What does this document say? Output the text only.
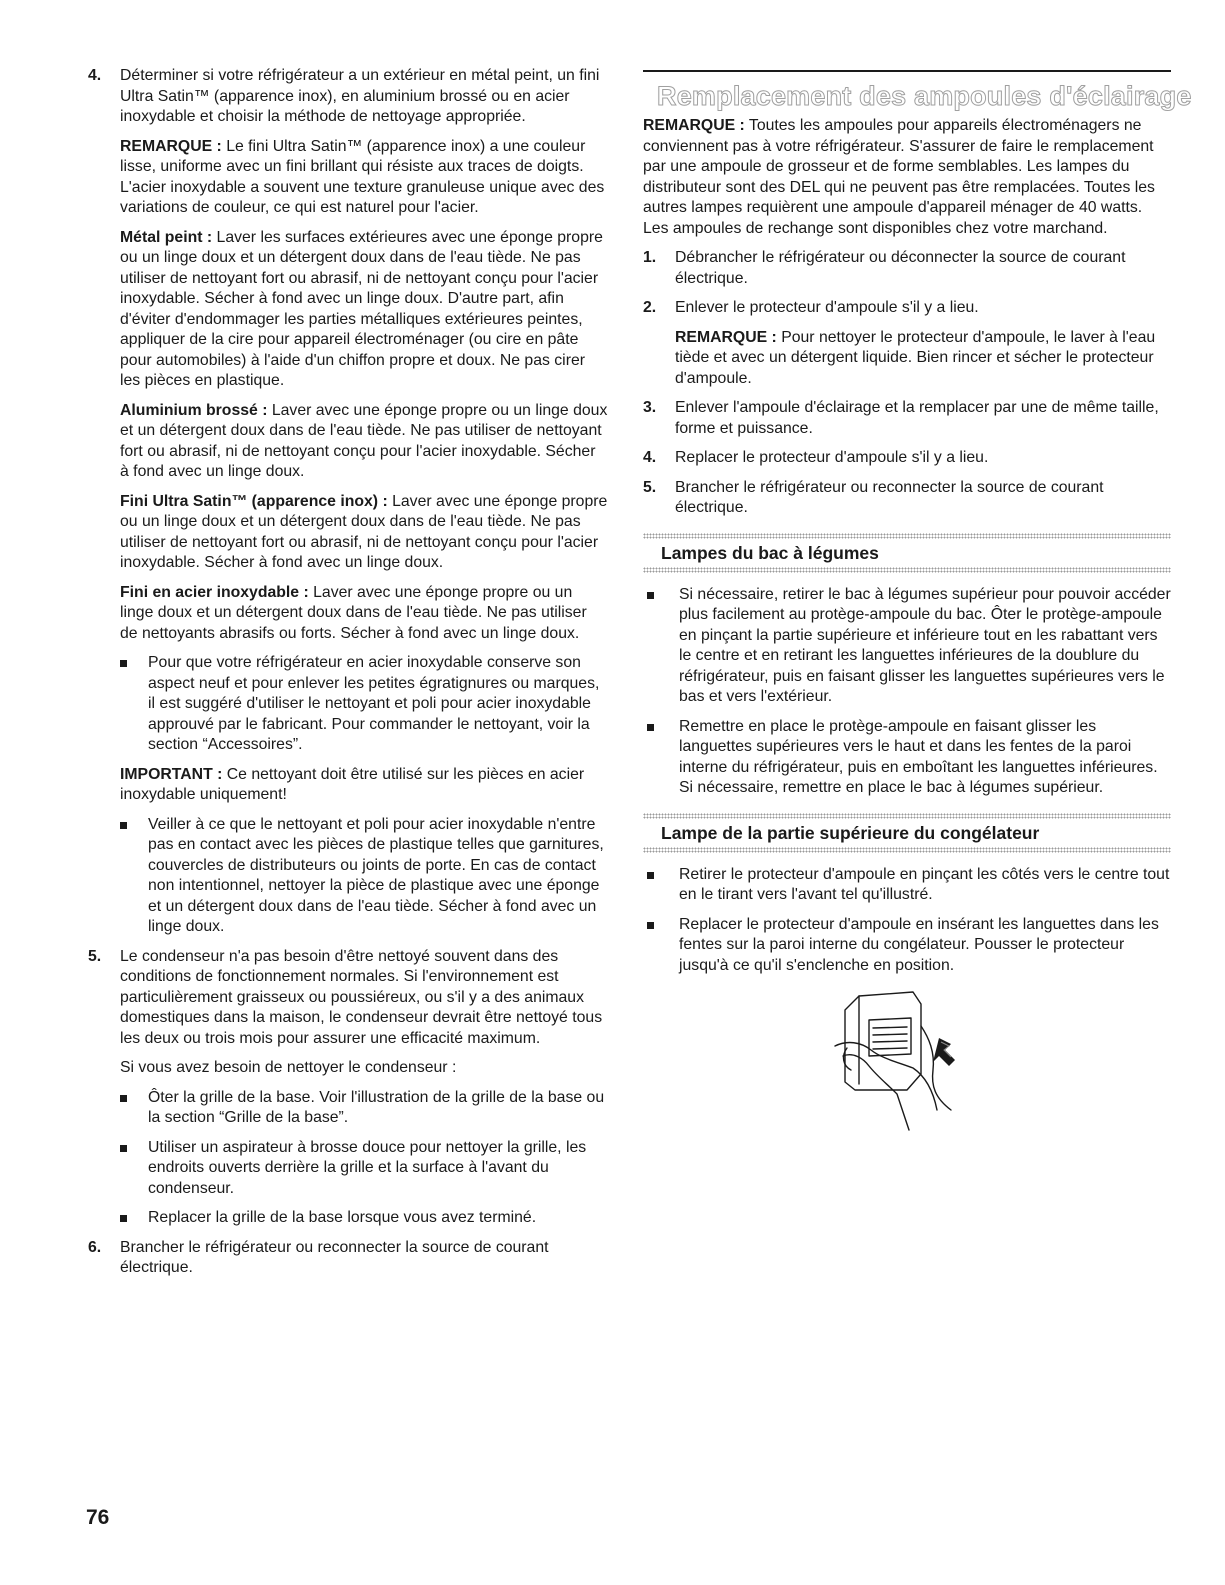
4. Déterminer si votre réfrigérateur a un extérieur en métal peint, un fini Ultra Satin™ (apparence inox), en aluminium brossé ou en acier inoxydable et choisir la méthode de nettoyage appropriée.

REMARQUE : Le fini Ultra Satin™ (apparence inox) a une couleur lisse, uniforme avec un fini brillant qui résiste aux traces de doigts. L'acier inoxydable a souvent une texture granuleuse unique avec des variations de couleur, ce qui est naturel pour l'acier.

Métal peint : Laver les surfaces extérieures avec une éponge propre ou un linge doux et un détergent doux dans de l'eau tiède. Ne pas utiliser de nettoyant fort ou abrasif, ni de nettoyant conçu pour l'acier inoxydable. Sécher à fond avec un linge doux. D'autre part, afin d'éviter d'endommager les parties métalliques extérieures peintes, appliquer de la cire pour appareil électroménager (ou cire en pâte pour automobiles) à l'aide d'un chiffon propre et doux. Ne pas cirer les pièces en plastique.

Aluminium brossé : Laver avec une éponge propre ou un linge doux et un détergent doux dans de l'eau tiède. Ne pas utiliser de nettoyant fort ou abrasif, ni de nettoyant conçu pour l'acier inoxydable. Sécher à fond avec un linge doux.

Fini Ultra Satin™ (apparence inox) : Laver avec une éponge propre ou un linge doux et un détergent doux dans de l'eau tiède. Ne pas utiliser de nettoyant fort ou abrasif, ni de nettoyant conçu pour l'acier inoxydable. Sécher à fond avec un linge doux.

Fini en acier inoxydable : Laver avec une éponge propre ou un linge doux et un détergent doux dans de l'eau tiède. Ne pas utiliser de nettoyants abrasifs ou forts. Sécher à fond avec un linge doux.

Pour que votre réfrigérateur en acier inoxydable conserve son aspect neuf et pour enlever les petites égratignures ou marques, il est suggéré d'utiliser le nettoyant et poli pour acier inoxydable approuvé par le fabricant. Pour commander le nettoyant, voir la section “Accessoires”.

IMPORTANT : Ce nettoyant doit être utilisé sur les pièces en acier inoxydable uniquement!

Veiller à ce que le nettoyant et poli pour acier inoxydable n'entre pas en contact avec les pièces de plastique telles que garnitures, couvercles de distributeurs ou joints de porte. En cas de contact non intentionnel, nettoyer la pièce de plastique avec une éponge et un détergent doux dans de l'eau tiède. Sécher à fond avec un linge doux.
5. Le condenseur n'a pas besoin d'être nettoyé souvent dans des conditions de fonctionnement normales. Si l'environnement est particulièrement graisseux ou poussiéreux, ou s'il y a des animaux domestiques dans la maison, le condenseur devrait être nettoyé tous les deux ou trois mois pour assurer une efficacité maximum.

Si vous avez besoin de nettoyer le condenseur :

Ôter la grille de la base. Voir l'illustration de la grille de la base ou la section “Grille de la base”.
Utiliser un aspirateur à brosse douce pour nettoyer la grille, les endroits ouverts derrière la grille et la surface à l'avant du condenseur.
Replacer la grille de la base lorsque vous avez terminé.
6. Brancher le réfrigérateur ou reconnecter la source de courant électrique.

Remplacement des ampoules d'éclairage

REMARQUE : Toutes les ampoules pour appareils électroménagers ne conviennent pas à votre réfrigérateur. S'assurer de faire le remplacement par une ampoule de grosseur et de forme semblables. Les lampes du distributeur sont des DEL qui ne peuvent pas être remplacées. Toutes les autres lampes requièrent une ampoule d'appareil ménager de 40 watts. Les ampoules de rechange sont disponibles chez votre marchand.

1. Débrancher le réfrigérateur ou déconnecter la source de courant électrique.
2. Enlever le protecteur d'ampoule s'il y a lieu.

REMARQUE : Pour nettoyer le protecteur d'ampoule, le laver à l'eau tiède et avec un détergent liquide. Bien rincer et sécher le protecteur d'ampoule.

3. Enlever l'ampoule d'éclairage et la remplacer par une de même taille, forme et puissance.
4. Replacer le protecteur d'ampoule s'il y a lieu.
5. Brancher le réfrigérateur ou reconnecter la source de courant électrique.
Lampes du bac à légumes
Si nécessaire, retirer le bac à légumes supérieur pour pouvoir accéder plus facilement au protège-ampoule du bac. Ôter le protège-ampoule en pinçant la partie supérieure et inférieure tout en les rabattant vers le centre et en retirant les languettes inférieures de la doublure du réfrigérateur, puis en faisant glisser les languettes supérieures vers le bas et vers l'extérieur.
Remettre en place le protège-ampoule en faisant glisser les languettes supérieures vers le haut et dans les fentes de la paroi interne du réfrigérateur, puis en emboîtant les languettes inférieures. Si nécessaire, remettre en place le bac à légumes supérieur.
Lampe de la partie supérieure du congélateur
Retirer le protecteur d'ampoule en pinçant les côtés vers le centre tout en le tirant vers l'avant tel qu'illustré.
Replacer le protecteur d'ampoule en insérant les languettes dans les fentes sur la paroi interne du congélateur. Pousser le protecteur jusqu'à ce qu'il s'enclenche en position.
76
